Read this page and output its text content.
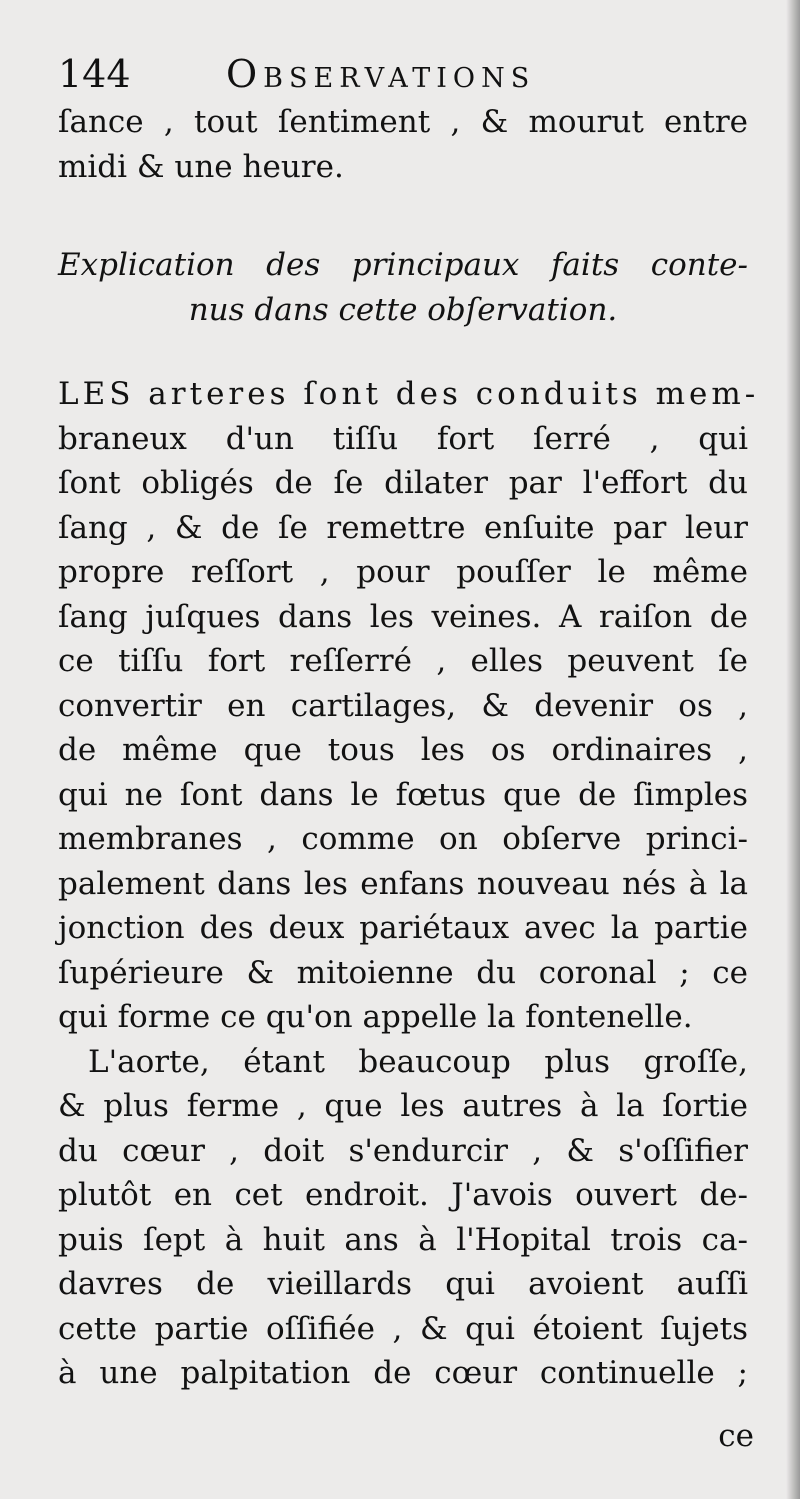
144	Observations
ſance , tout ſentiment , & mourut entre
midi & une heure.
Explication des principaux faits conte-
nus dans cette obſervation.
LES arteres ſont des conduits mem-
braneux d'un tiſſu fort ſerré , qui
ſont obligés de ſe dilater par l'effort du
ſang , & de ſe remettre enſuite par leur
propre reſſort , pour pouſſer le même
ſang juſques dans les veines. A raiſon de
ce tiſſu fort reſſerré , elles peuvent ſe
convertir en cartilages, & devenir os ,
de même que tous les os ordinaires ,
qui ne ſont dans le fœtus que de ſimples
membranes , comme on obſerve princi-
palement dans les enfans nouveau nés à la
jonction des deux pariétaux avec la partie
ſupérieure & mitoienne du coronal ; ce
qui forme ce qu'on appelle la fontenelle.
L'aorte, étant beaucoup plus groſſe,
& plus ferme , que les autres à la ſortie
du cœur , doit s'endurcir , & s'oſſifier
plutôt en cet endroit. J'avois ouvert de-
puis ſept à huit ans à l'Hopital trois ca-
davres de vieillards qui avoient auſſi
cette partie oſſifiée , & qui étoient ſujets
à une palpitation de cœur continuelle ;
ce
